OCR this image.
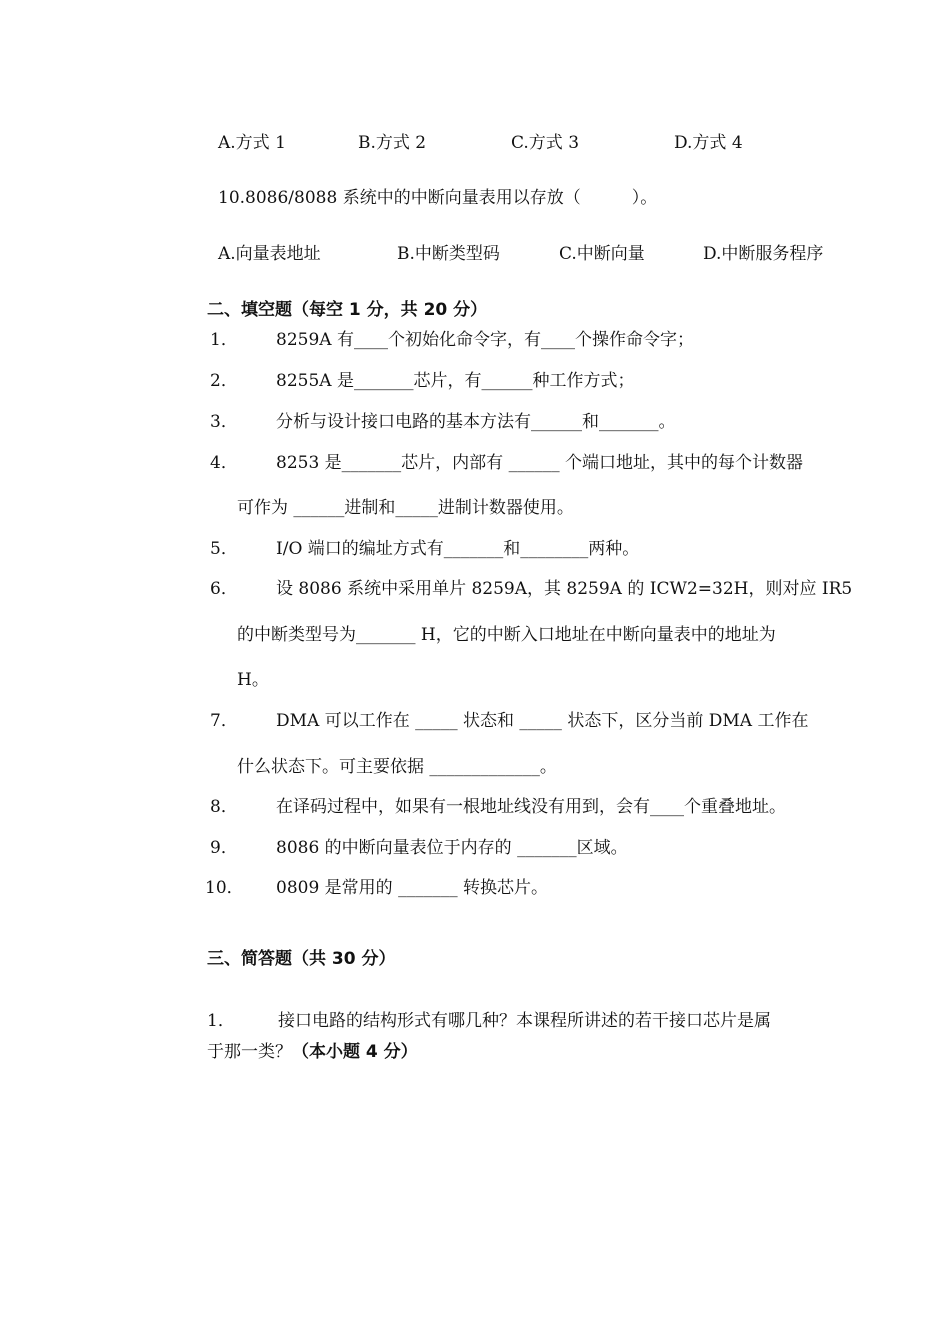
A.方式 1	B.方式 2	C.方式 3	D.方式 4
10.8086/8088 系统中的中断向量表用以存放（　　　）。
A.向量表地址	B.中断类型码	C.中断向量	D.中断服务程序
二、填空题（每空 1 分，共 20 分）
1． 8259A 有____个初始化命令字，有____个操作命令字；
2． 8255A 是_______芯片，有______种工作方式；
3． 分析与设计接口电路的基本方法有______和_______。
4． 8253 是_______芯片，内部有 ______ 个端口地址，其中的每个计数器
可作为 ______进制和_____进制计数器使用。
5． I/O 端口的编址方式有_______和________两种。
6． 设 8086 系统中采用单片 8259A，其 8259A 的 ICW2=32H，则对应 IR5
的中断类型号为_______ H，它的中断入口地址在中断向量表中的地址为
H。
7． DMA 可以工作在 _____ 状态和 _____ 状态下，区分当前 DMA 工作在
什么状态下。可主要依据 _____________。
8． 在译码过程中，如果有一根地址线没有用到，会有____个重叠地址。
9． 8086 的中断向量表位于内存的 _______区域。
10． 0809 是常用的 _______ 转换芯片。
三、简答题（共 30 分）
1．	接口电路的结构形式有哪几种？本课程所讲述的若干接口芯片是属
于那一类？（本小题 4 分）
